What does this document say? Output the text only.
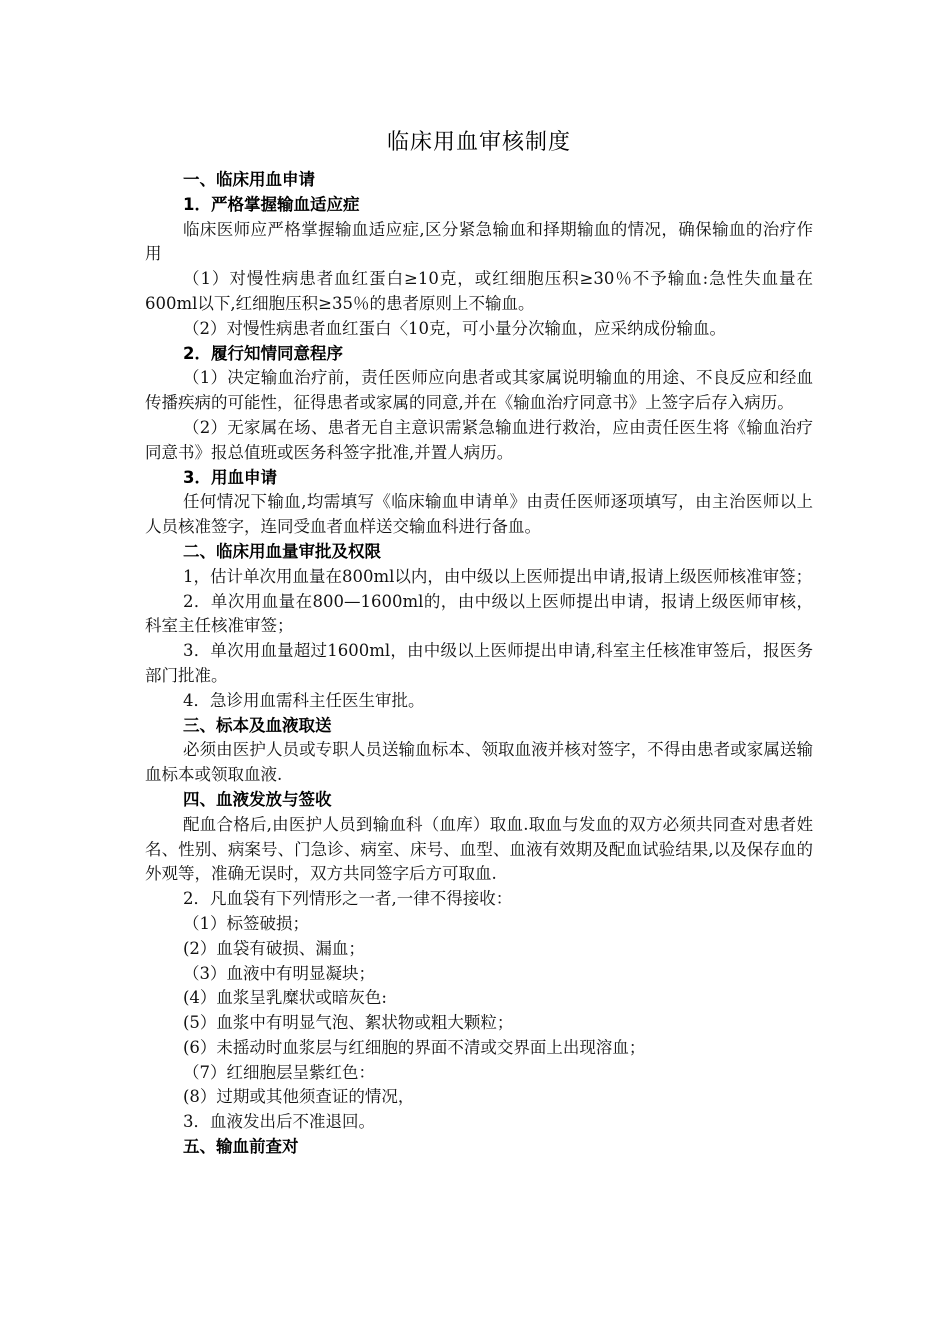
临床用血审核制度
一、临床用血申请
1．严格掌握输血适应症
临床医师应严格掌握输血适应症,区分紧急输血和择期输血的情况，确保输血的治疗作用
（1）对慢性病患者血红蛋白≥10克，或红细胞压积≥30％不予输血:急性失血量在600ml以下,红细胞压积≥35％的患者原则上不输血。
（2）对慢性病患者血红蛋白〈10克，可小量分次输血，应采纳成份输血。
2．履行知情同意程序
（1）决定输血治疗前，责任医师应向患者或其家属说明输血的用途、不良反应和经血传播疾病的可能性，征得患者或家属的同意,并在《输血治疗同意书》上签字后存入病历。
（2）无家属在场、患者无自主意识需紧急输血进行救治，应由责任医生将《输血治疗同意书》报总值班或医务科签字批准,并置人病历。
3．用血申请
任何情况下输血,均需填写《临床输血申请单》由责任医师逐项填写，由主治医师以上人员核准签字，连同受血者血样送交输血科进行备血。
二、临床用血量审批及权限
1，估计单次用血量在800ml以内，由中级以上医师提出申请,报请上级医师核准审签；
2．单次用血量在800—1600ml的，由中级以上医师提出申请，报请上级医师审核，科室主任核准审签；
3．单次用血量超过1600ml，由中级以上医师提出申请,科室主任核准审签后，报医务部门批准。
4．急诊用血需科主任医生审批。
三、标本及血液取送
必须由医护人员或专职人员送输血标本、领取血液并核对签字，不得由患者或家属送输血标本或领取血液.
四、血液发放与签收
配血合格后,由医护人员到输血科（血库）取血.取血与发血的双方必须共同查对患者姓名、性别、病案号、门急诊、病室、床号、血型、血液有效期及配血试验结果,以及保存血的外观等，准确无误时，双方共同签字后方可取血.
2．凡血袋有下列情形之一者,一律不得接收：
（1）标签破损；
(2）血袋有破损、漏血；
（3）血液中有明显凝块；
(4）血浆呈乳糜状或暗灰色:
(5）血浆中有明显气泡、絮状物或粗大颗粒；
(6）未摇动时血浆层与红细胞的界面不清或交界面上出现溶血；
（7）红细胞层呈紫红色：
(8）过期或其他须查证的情况，
3．血液发出后不准退回。
五、输血前查对
